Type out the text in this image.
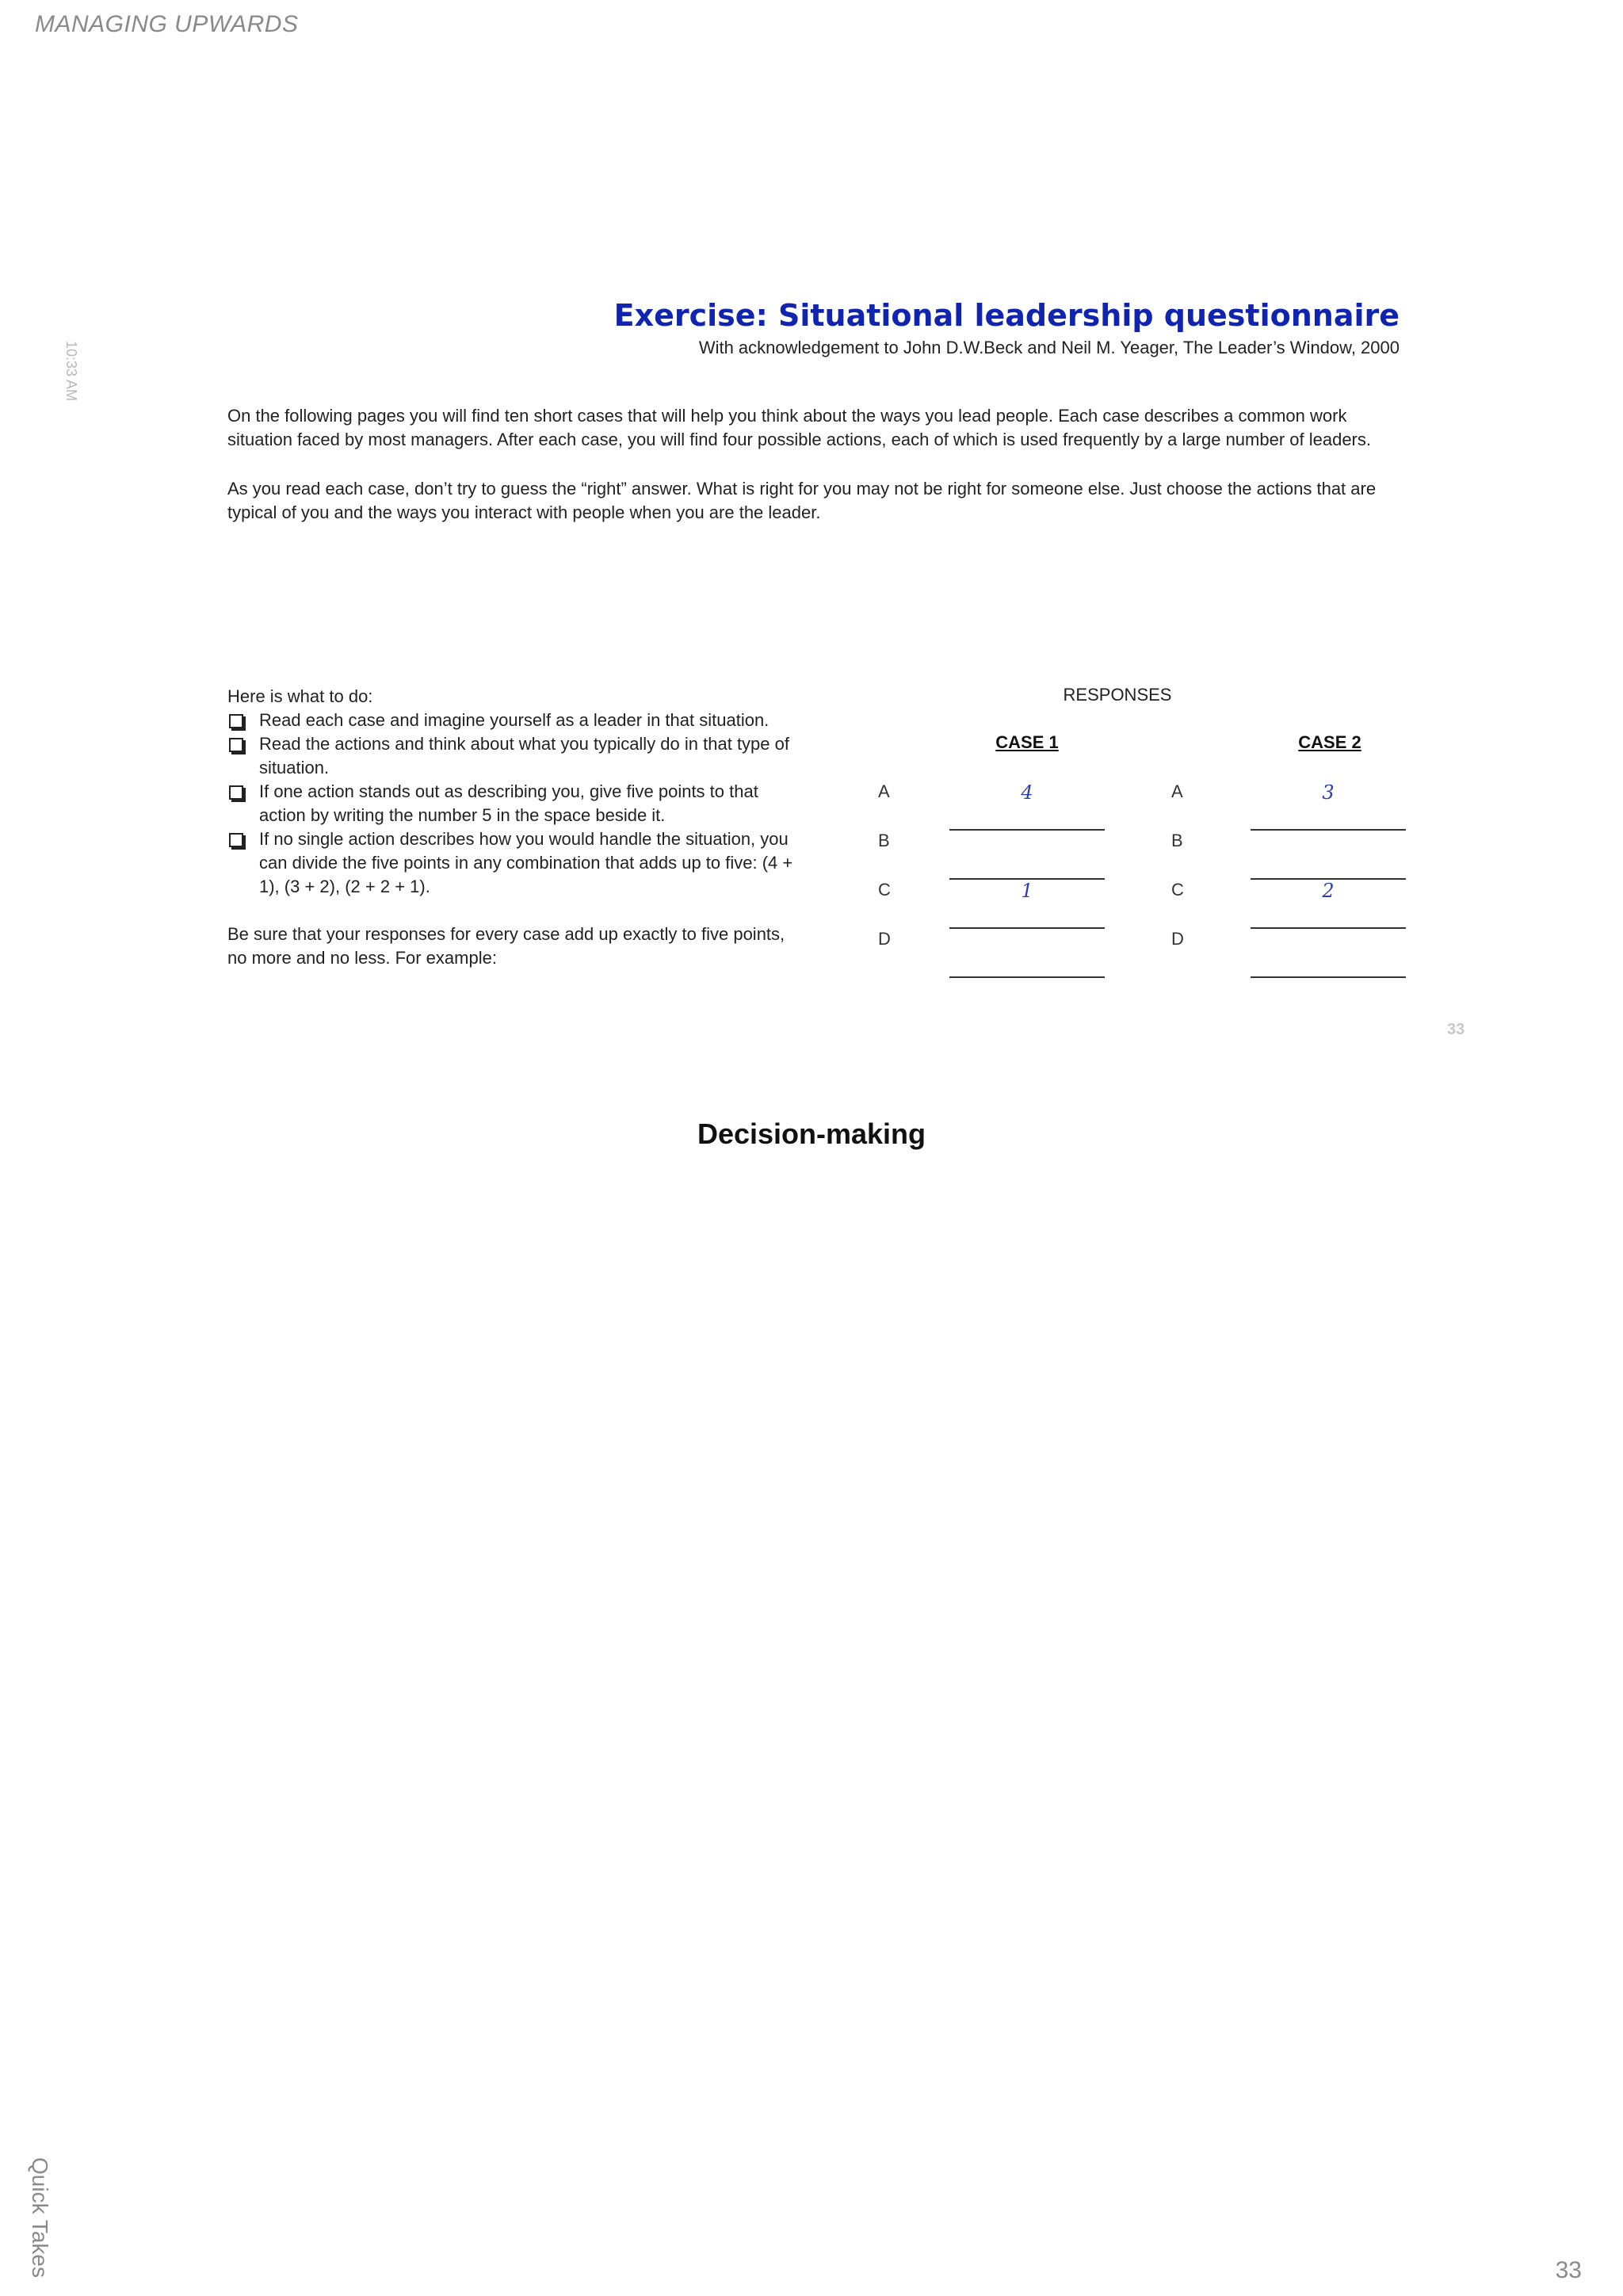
MANAGING UPWARDS
10:33 AM
Exercise: Situational leadership questionnaire
With acknowledgement to John D.W.Beck and Neil M. Yeager, The Leader’s Window, 2000
On the following pages you will find ten short cases that will help you think about the ways you lead people. Each case describes a common work situation faced by most managers. After each case, you will find four possible actions, each of which is used frequently by a large number of leaders.
As you read each case, don’t try to guess the “right” answer. What is right for you may not be right for someone else. Just choose the actions that are typical of you and the ways you interact with people when you are the leader.

Here is what to do:

Read each case and imagine yourself as a leader in that situation.
Read the actions and think about what you typically do in that type of situation.
If one action stands out as describing you, give five points to that action by writing the number 5 in the space beside it.
If no single action describes how you would handle the situation, you can divide the five points in any combination that adds up to five: (4 + 1), (3 + 2), (2 + 2 + 1).

Be sure that your responses for every case add up exactly to five points, no more and no less. For example:

RESPONSES
CASE 1
A
B
C
D
4
1
CASE 2
A
B
C
D
3
2
33
Decision-making
Quick Takes	33
